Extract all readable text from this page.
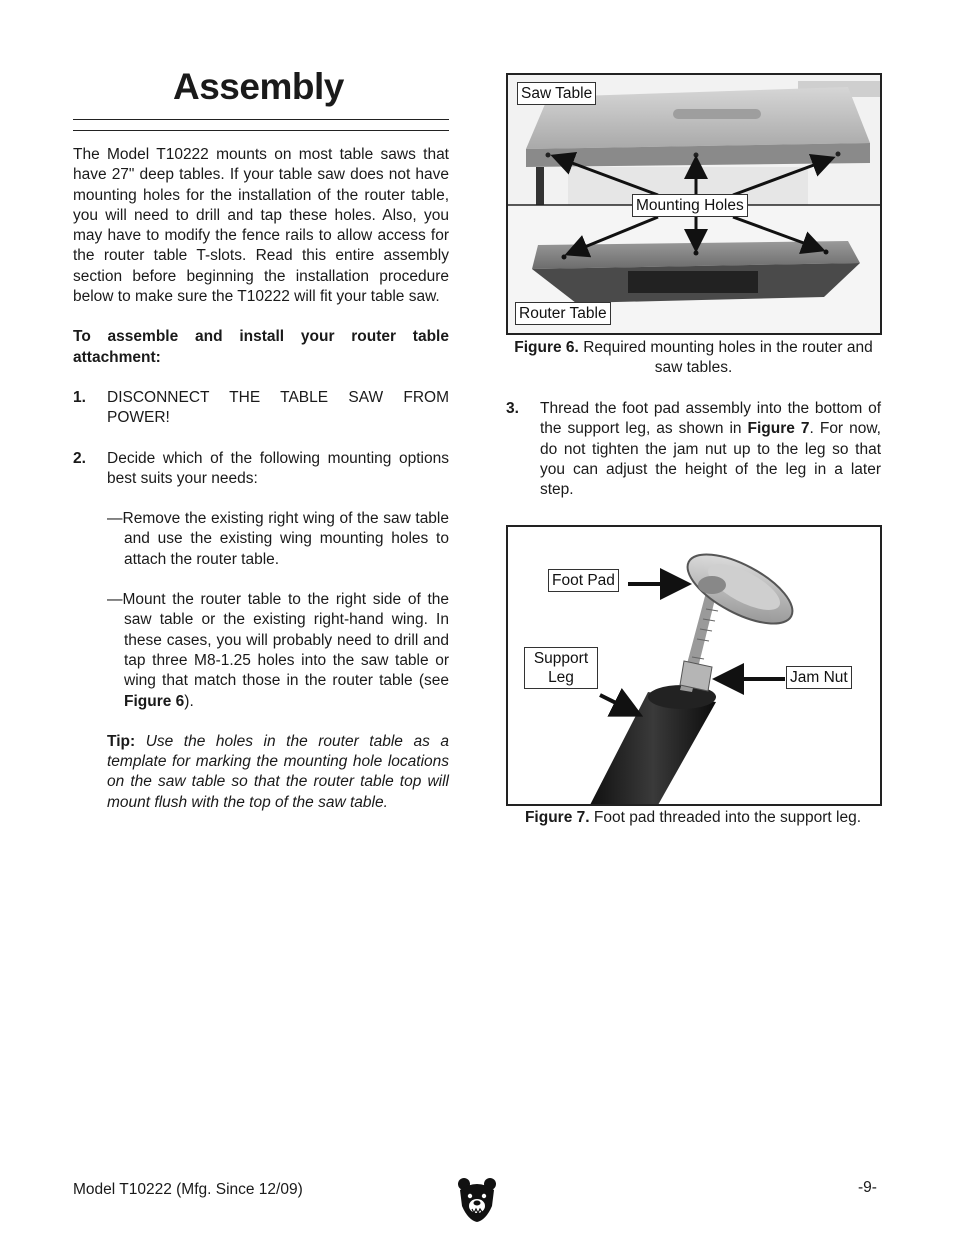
Assembly

The Model T10222 mounts on most table saws that have 27" deep tables. If your table saw does not have mounting holes for the installation of the router table, you will need to drill and tap these holes. Also, you may have to modify the fence rails to allow access for the router table T-slots. Read this entire assembly section before beginning the installation procedure below to make sure the T10222 will fit your table saw.

To assemble and install your router table attachment:

1. DISCONNECT THE TABLE SAW FROM POWER!
2. Decide which of the following mounting options best suits your needs:
—Remove the existing right wing of the saw table and use the existing wing mounting holes to attach the router table.
—Mount the router table to the right side of the saw table or the existing right-hand wing. In these cases, you will probably need to drill and tap three M8-1.25 holes into the saw table or wing that match those in the router table (see Figure 6).
Tip: Use the holes in the router table as a template for marking the mounting hole locations on the saw table so that the router table top will mount flush with the top of the saw table.
Saw Table
Mounting Holes
Router Table
Figure 6. Required mounting holes in the router and saw tables.
3. Thread the foot pad assembly into the bottom of the support leg, as shown in Figure 7. For now, do not tighten the jam nut up to the leg so that you can adjust the height of the leg in a later step.
Foot Pad
Support
Leg	Jam Nut
Figure 7. Foot pad threaded into the support leg.
Model T10222 (Mfg. Since 12/09)	-9-
